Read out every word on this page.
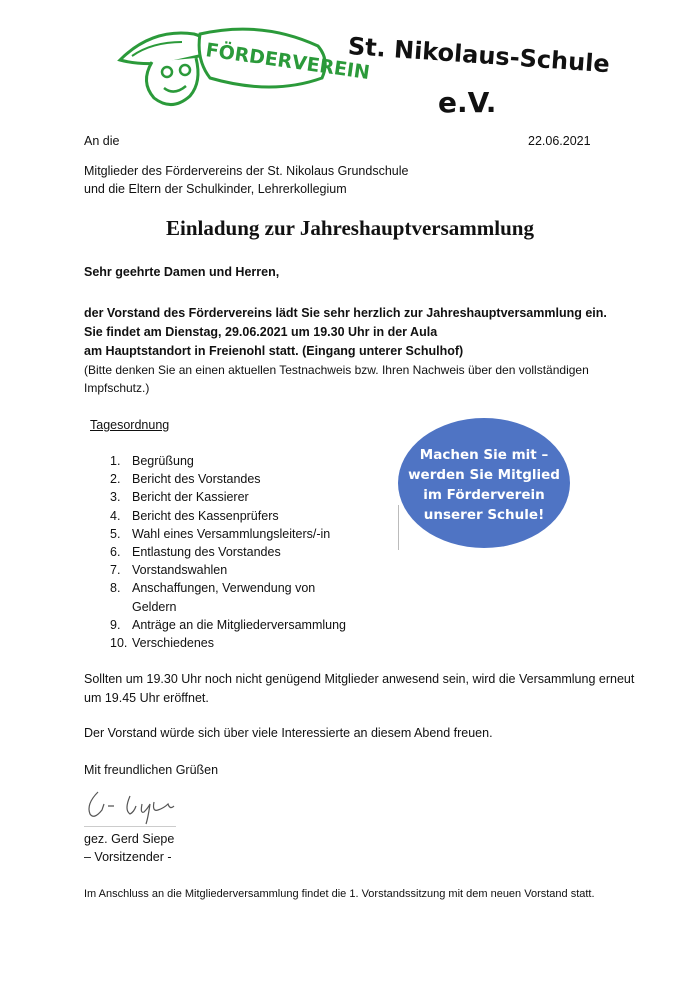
FÖRDERVEREIN
St. Nikolaus-Schule
e.V.
An die	22.06.2021
Mitglieder des Fördervereins der St. Nikolaus Grundschule
und die Eltern der Schulkinder, Lehrerkollegium
Einladung zur Jahreshauptversammlung
Sehr geehrte Damen und Herren,
der Vorstand des Fördervereins lädt Sie sehr herzlich zur Jahreshauptversammlung ein.
Sie findet am Dienstag, 29.06.2021 um 19.30 Uhr in der Aula
am Hauptstandort in Freienohl statt. (Eingang unterer Schulhof)
(Bitte denken Sie an einen aktuellen Testnachweis bzw. Ihren Nachweis über den vollständigen
Impfschutz.)
Tagesordnung
1. Begrüßung
2. Bericht des Vorstandes
3. Bericht der Kassierer
4. Bericht des Kassenprüfers
5. Wahl eines Versammlungsleiters/-in
6. Entlastung des Vorstandes
7. Vorstandswahlen
8. Anschaffungen, Verwendung von Geldern
9. Anträge an die Mitgliederversammlung
10. Verschiedenes
Machen Sie mit –
werden Sie Mitglied
im Förderverein
unserer Schule!
Sollten um 19.30 Uhr noch nicht genügend Mitglieder anwesend sein, wird die Versammlung erneut
um 19.45 Uhr eröffnet.
Der Vorstand würde sich über viele Interessierte an diesem Abend freuen.
Mit freundlichen Grüßen
gez. Gerd Siepe
– Vorsitzender -
Im Anschluss an die Mitgliederversammlung findet die 1. Vorstandssitzung mit dem neuen Vorstand statt.
